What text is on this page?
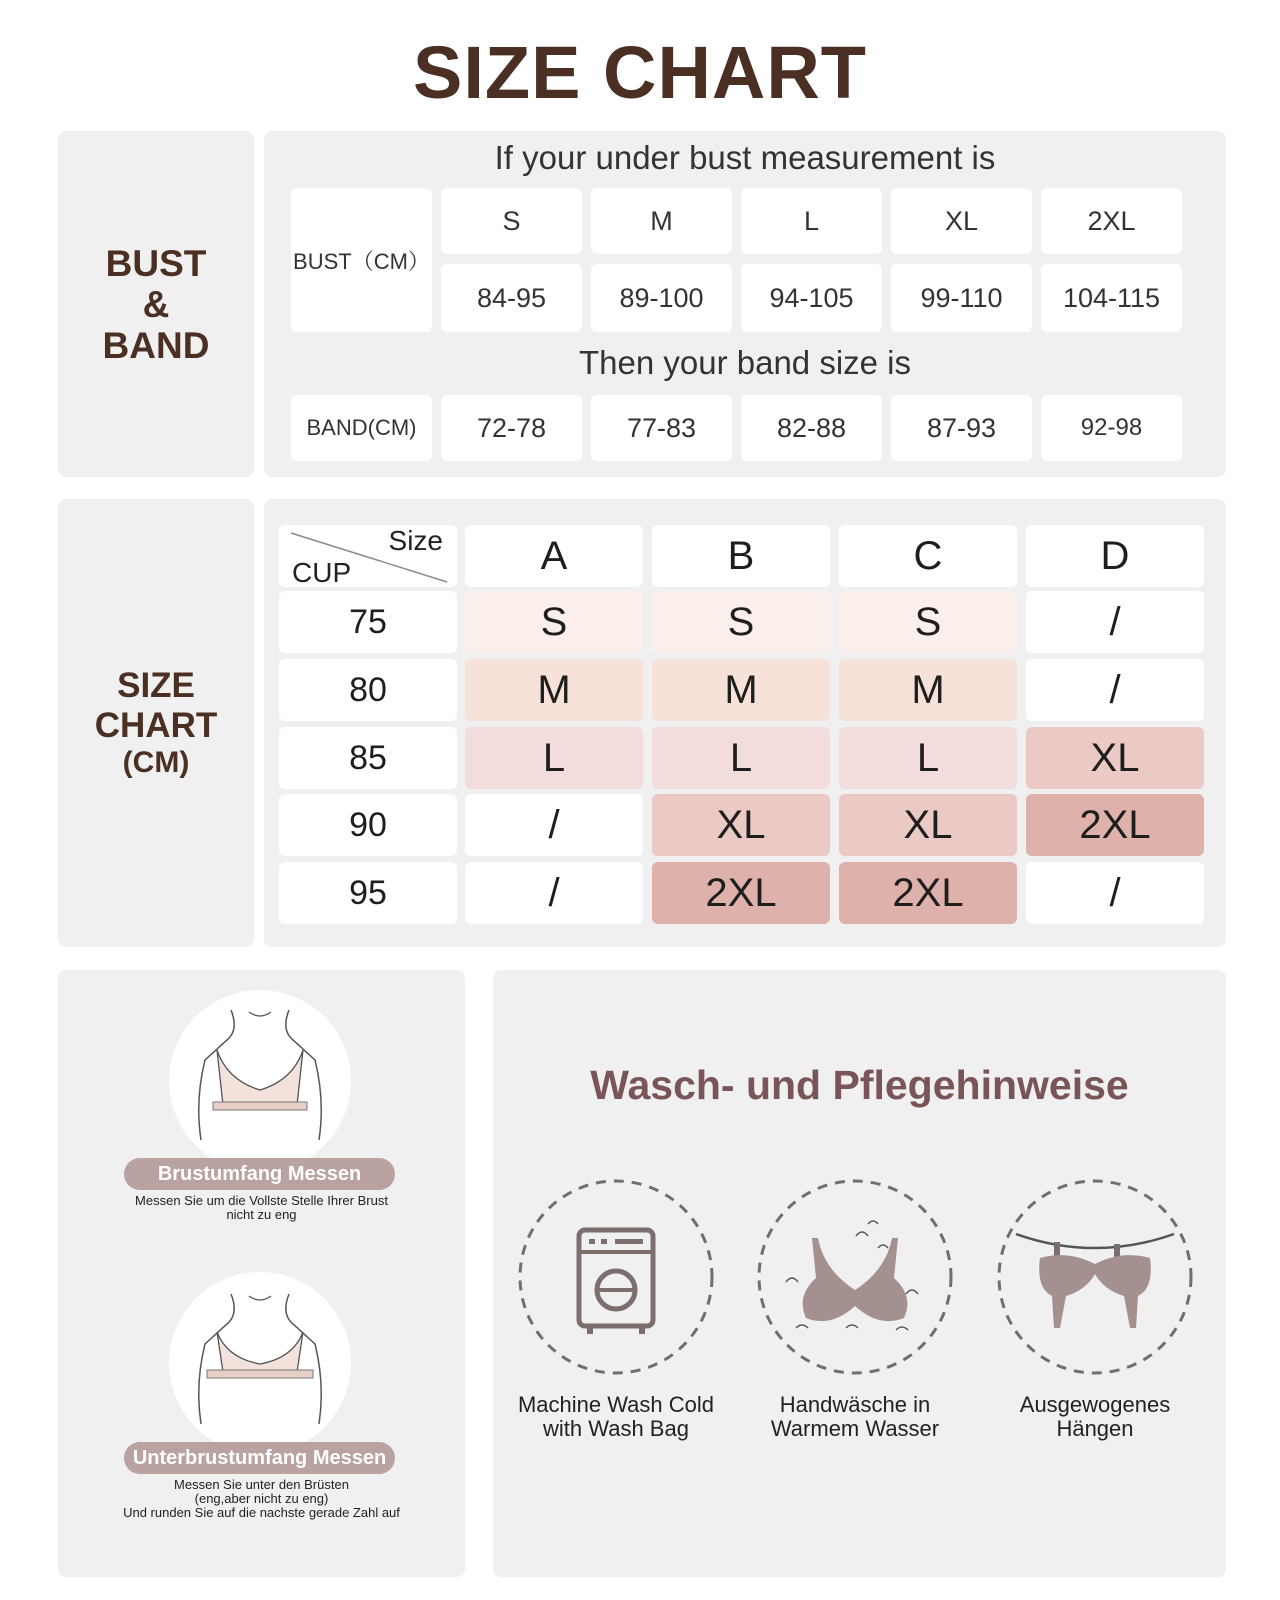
SIZE CHART
BUST
&
BAND
If your under bust measurement is
BUST（CM）
S	M	L	XL	2XL
84-95	89-100	94-105	99-110	104-115
Then your band size is
BAND(CM)	72-78	77-83	82-88	87-93	92-98
SIZE
CHART
(CM)
Size
CUP	A	B	C	D
75	S	S	S	/
80	M	M	M	/
85	L	L	L	XL
90	/	XL	XL	2XL
95	/	2XL	2XL	/
Brustumfang Messen
Messen Sie um die Vollste Stelle Ihrer Brust
nicht zu eng
Unterbrustumfang Messen
Messen Sie unter den Brüsten
(eng,aber nicht zu eng)
Und runden Sie auf die nachste gerade Zahl auf
Wasch- und Pflegehinweise
Machine Wash Cold
with Wash Bag
Handwäsche in
Warmem Wasser
Ausgewogenes
Hängen
